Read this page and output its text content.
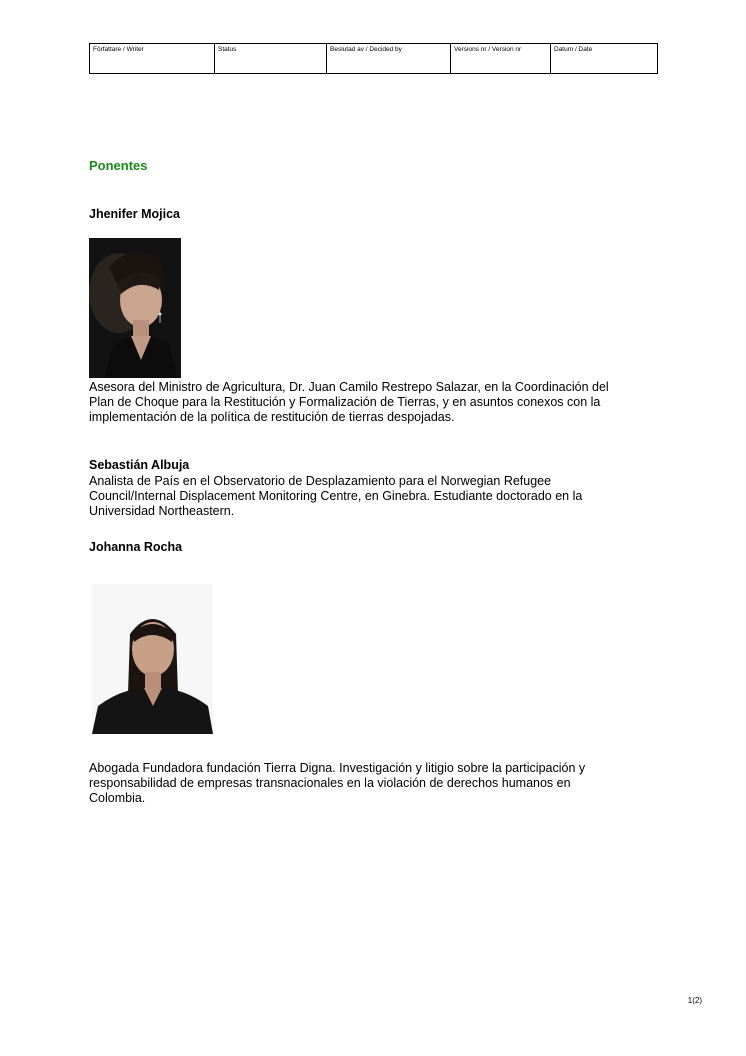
Författare / Writer	Status	Beslutad av / Decided by	Versions nr / Version nr	Datum / Date
Ponentes
Jhenifer Mojica
Asesora del Ministro de Agricultura, Dr. Juan Camilo Restrepo Salazar, en la Coordinación del Plan de Choque para la Restitución y Formalización de Tierras, y en asuntos conexos con la implementación de la política de restitución de tierras despojadas.
Sebastián Albuja
Analista de País en el Observatorio de Desplazamiento para el Norwegian Refugee Council/Internal Displacement Monitoring Centre, en Ginebra. Estudiante doctorado en la Universidad Northeastern.
Johanna Rocha
Abogada Fundadora fundación Tierra Digna. Investigación y litigio sobre la participación y responsabilidad de empresas transnacionales en la violación de derechos humanos en Colombia.
1(2)
